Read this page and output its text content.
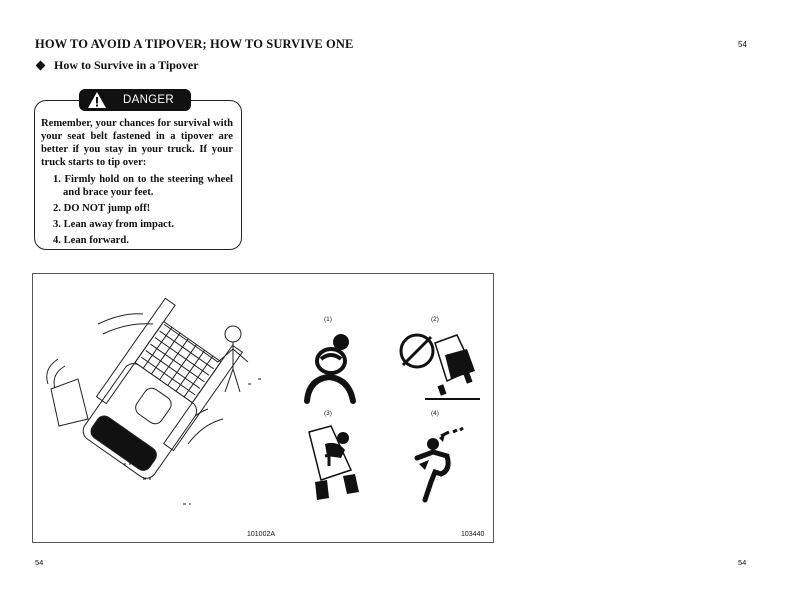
HOW TO AVOID A TIPOVER; HOW TO SURVIVE ONE	54
How to Survive in a Tipover
DANGER
Remember, your chances for survival with your seat belt fastened in a tipover are better if you stay in your truck. If your truck starts to tip over:
1. Firmly hold on to the steering wheel and brace your feet.
2. DO NOT jump off!
3. Lean away from impact.
4. Lean forward.
(1)	(2)
(3)	(4)
101002A	103440
54	54
